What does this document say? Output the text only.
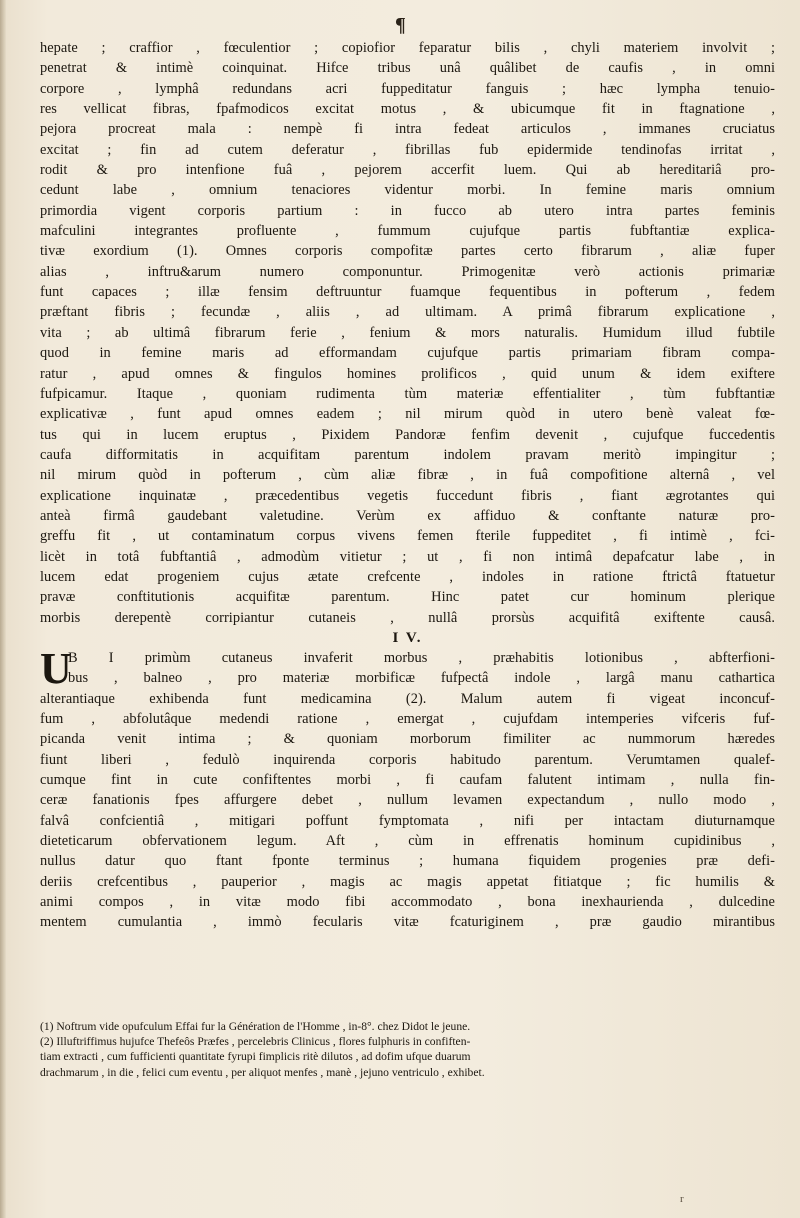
¶
hepate ; craffior , fœculentior ; copiofior feparatur bilis , chyli materiem involvit ;
penetrat & intimè coinquinat. Hifce tribus unâ quâlibet de caufis , in omni
corpore , lymphâ redundans acri fuppeditatur fanguis ; hæc lympha tenuio-
res vellicat fibras, fpafmodicos excitat motus , & ubicumque fit in ftagnatione ,
pejora procreat mala : nempè fi intra fedeat articulos , immanes cruciatus
excitat ; fin ad cutem deferatur , fibrillas fub epidermide tendinofas irritat ,
rodit & pro intenfione fuâ , pejorem accerfit luem. Qui ab hereditariâ pro-
cedunt labe , omnium tenaciores videntur morbi. In femine maris omnium
primordia vigent corporis partium : in fucco ab utero intra partes feminis
mafculini integrantes profluente , fummum cujufque partis fubftantiæ explica-
tivæ exordium (1). Omnes corporis compofitæ partes certo fibrarum , aliæ fuper
alias , inftru&arum numero componuntur. Primogenitæ verò actionis primariæ
funt capaces ; illæ fensim deftruuntur fuamque fequentibus in pofterum , fedem
præftant fibris ; fecundæ , aliis , ad ultimam. A primâ fibrarum explicatione ,
vita ; ab ultimâ fibrarum ferie , fenium & mors naturalis. Humidum illud fubtile
quod in femine maris ad efformandam cujufque partis primariam fibram compa-
ratur , apud omnes & fingulos homines prolificos , quid unum & idem exiftere
fufpicamur. Itaque , quoniam rudimenta tùm materiæ effentialiter , tùm fubftantiæ
explicativæ , funt apud omnes eadem ; nil mirum quòd in utero benè valeat fœ-
tus qui in lucem eruptus , Pixidem Pandoræ fenfim devenit , cujufque fuccedentis
caufa difformitatis in acquifitam parentum indolem pravam meritò impingitur ;
nil mirum quòd in pofterum , cùm aliæ fibræ , in fuâ compofitione alternâ , vel
explicatione inquinatæ , præcedentibus vegetis fuccedunt fibris , fiant ægrotantes qui
anteà firmâ gaudebant valetudine. Verùm ex affiduo & conftante naturæ pro-
greffu fit , ut contaminatum corpus vivens femen fterile fuppeditet , fi intimè , fci-
licèt in totâ fubftantiâ , admodùm vitietur ; ut , fi non intimâ depafcatur labe , in
lucem edat progeniem cujus ætate crefcente , indoles in ratione ftrictâ ftatuetur
pravæ conftitutionis acquifitæ parentum. Hinc patet cur hominum plerique
morbis derepentè corripiantur cutaneis , nullâ prorsùs acquifitâ exiftente causâ.
I V.
U
B I primùm cutaneus invaferit morbus , præhabitis lotionibus , abfterfioni-
bus , balneo , pro materiæ morbificæ fufpectâ indole , largâ manu cathartica
alterantiaque exhibenda funt medicamina (2). Malum autem fi vigeat inconcuf-
fum , abfolutâque medendi ratione , emergat , cujufdam intemperies vifceris fuf-
picanda venit intima ; & quoniam morborum fimiliter ac nummorum hæredes
fiunt liberi , fedulò inquirenda corporis habitudo parentum. Verumtamen qualef-
cumque fint in cute confiftentes morbi , fi caufam falutent intimam , nulla fin-
ceræ fanationis fpes affurgere debet , nullum levamen expectandum , nullo modo ,
falvâ confcientiâ , mitigari poffunt fymptomata , nifi per intactam diuturnamque
dieteticarum obfervationem legum. Aft , cùm in effrenatis hominum cupidinibus ,
nullus datur quo ftant fponte terminus ; humana fiquidem progenies præ defi-
deriis crefcentibus , pauperior , magis ac magis appetat fitiatque ; fic humilis &
animi compos , in vitæ modo fibi accommodato , bona inexhaurienda , dulcedine
mentem cumulantia , immò fecularis vitæ fcaturiginem , præ gaudio mirantibus
(1) Noftrum vide opufculum Effai fur la Génération de l'Homme , in-8°. chez Didot le jeune.
(2) Illuftriffimus hujufce Thefeôs Præfes , percelebris Clinicus , flores fulphuris in confiften-
tiam extracti , cum fufficienti quantitate fyrupi fimplicis ritè dilutos , ad dofim ufque duarum
drachmarum , in die , felici cum eventu , per aliquot menfes , manè , jejuno ventriculo , exhibet.
r
